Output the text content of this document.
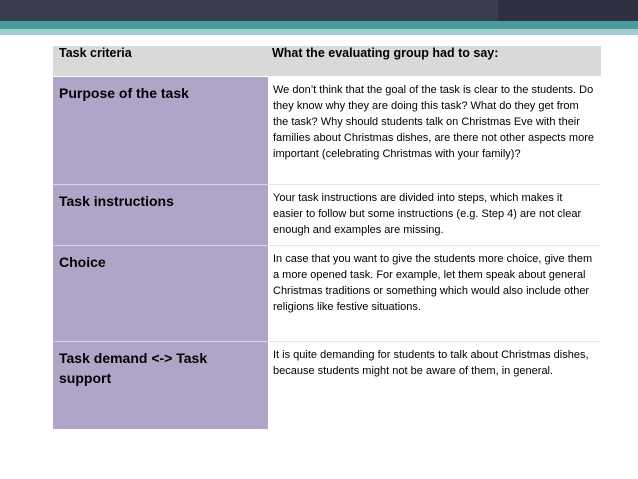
Task criteria	What the evaluating group had to say:

Purpose of the task	We don’t think that the goal of the task is clear to the students. Do they know why they are doing this task? What do they get from the task? Why should students talk on Christmas Eve with their families about Christmas dishes, are there not other aspects more important (celebrating Christmas with your family)?

Task instructions	Your task instructions are divided into steps, which makes it easier to follow but some instructions (e.g. Step 4) are not clear enough and examples are missing.

Choice	In case that you want to give the students more choice, give them a more opened task. For example, let them speak about general Christmas traditions or something which would also include other religions like festive situations.

Task demand <-> Task support	It is quite demanding for students to talk about Christmas dishes, because students might not be aware of them, in general.
